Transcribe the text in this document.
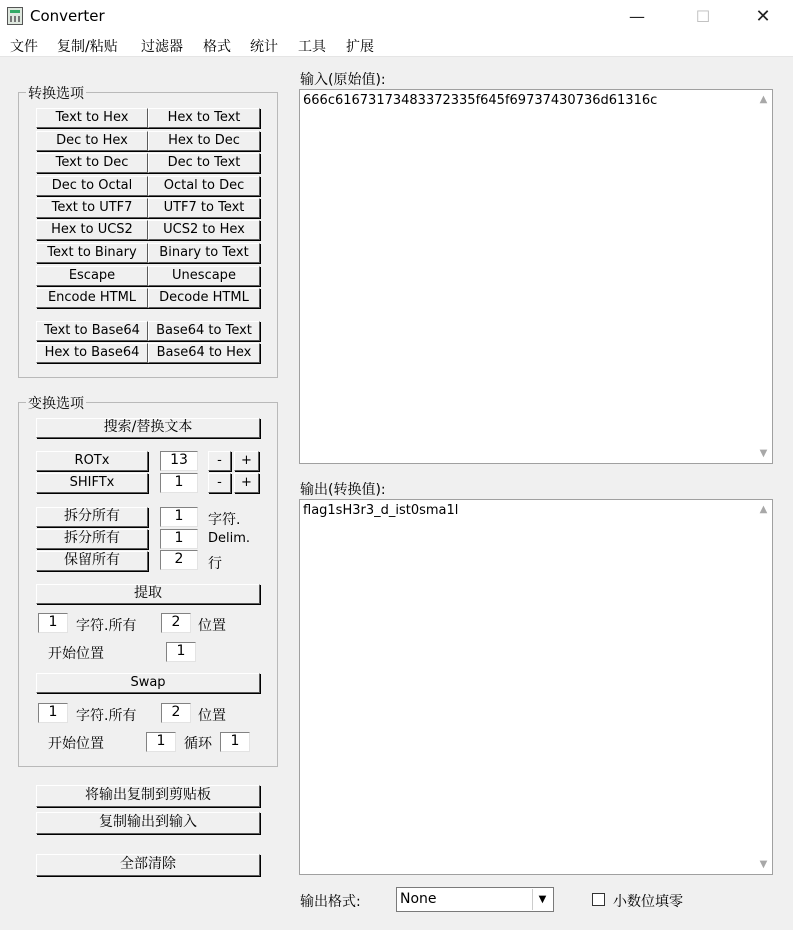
Converter	—	☐	✕
文件 复制/粘贴 过滤器 格式 统计 工具 扩展
转换选项
Text to Hex	Hex to Text
Dec to Hex	Hex to Dec
Text to Dec	Dec to Text
Dec to Octal	Octal to Dec
Text to UTF7	UTF7 to Text
Hex to UCS2	UCS2 to Hex
Text to Binary	Binary to Text
Escape	Unescape
Encode HTML	Decode HTML
Text to Base64	Base64 to Text
Hex to Base64	Base64 to Hex
变换选项
搜索/替换文本
ROTx	13	-	+
SHIFTx	1	-	+
拆分所有	1	字符.
拆分所有	1	Delim.
保留所有	2	行
提取
1	字符.所有	2	位置
开始位置	1
Swap
1	字符.所有	2	位置
开始位置	1	循环	1
将输出复制到剪贴板
复制输出到输入
全部清除
输入(原始值):
666c61673173483372335f645f69737430736d61316c	▲
▼
输出(转换值):
flag1sH3r3_d_ist0sma1l	▲
▼
输出格式:	None	▼	小数位填零
